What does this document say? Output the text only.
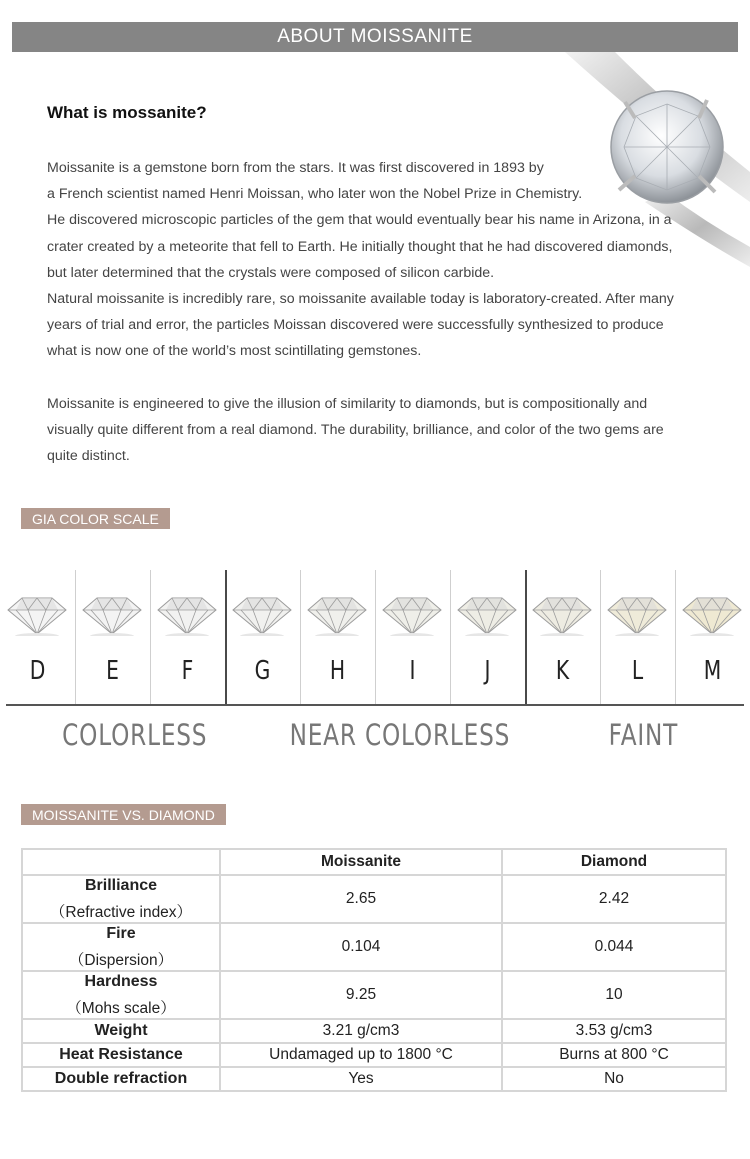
ABOUT MOISSANITE
What is mossanite?

Moissanite is a gemstone born from the stars. It was first discovered in 1893 by

a French scientist named Henri Moissan, who later won the Nobel Prize in Chemistry.

He discovered microscopic particles of the gem that would eventually bear his name in Arizona, in a

crater created by a meteorite that fell to Earth. He initially thought that he had discovered diamonds,

but later determined that the crystals were composed of silicon carbide.

Natural moissanite is incredibly rare, so moissanite available today is laboratory-created. After many

years of trial and error, the particles Moissan discovered were successfully synthesized to produce

what is now one of the world’s most scintillating gemstones.

Moissanite is engineered to give the illusion of similarity to diamonds, but is compositionally and

visually quite different from a real diamond. The durability, brilliance, and color of the two gems are

quite distinct.

GIA COLOR SCALE
D	E	F	G	H	I	J	K	L	M
COLORLESS	NEAR COLORLESS	FAINT
MOISSANITE VS. DIAMOND
	Moissanite	Diamond

Brilliance
（Refractive index）	2.65	2.42

Fire
（Dispersion）	0.104	0.044

Hardness
（Mohs scale）	9.25	10

Weight	3.21 g/cm3	3.53 g/cm3

Heat Resistance	Undamaged up to 1800 °C	Burns at 800 °C

Double refraction	Yes	No
